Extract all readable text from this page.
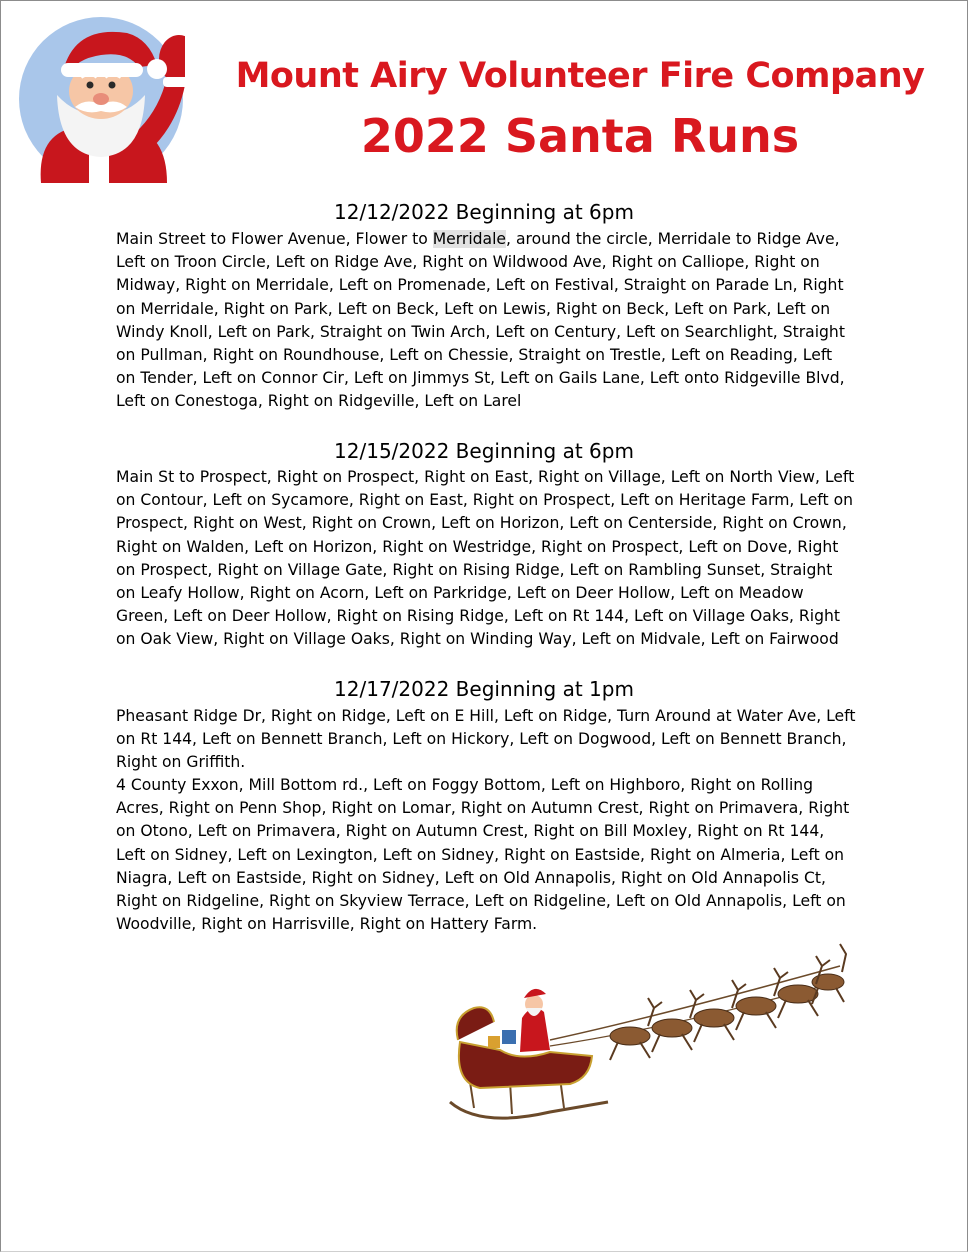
Mount Airy Volunteer Fire Company
2022 Santa Runs
12/12/2022 Beginning at 6pm
Main Street to Flower Avenue, Flower to Merridale, around the circle, Merridale to Ridge Ave, Left on Troon Circle, Left on Ridge Ave, Right on Wildwood Ave, Right on Calliope, Right on Midway, Right on Merridale, Left on Promenade, Left on Festival, Straight on Parade Ln, Right on Merridale, Right on Park, Left on Beck, Left on Lewis, Right on Beck, Left on Park, Left on Windy Knoll, Left on Park, Straight on Twin Arch, Left on Century, Left on Searchlight, Straight on Pullman, Right on Roundhouse, Left on Chessie, Straight on Trestle, Left on Reading, Left on Tender, Left on Connor Cir, Left on Jimmys St, Left on Gails Lane, Left onto Ridgeville Blvd, Left on Conestoga, Right on Ridgeville, Left on Larel
12/15/2022 Beginning at 6pm
Main St to Prospect, Right on Prospect, Right on East, Right on Village, Left on North View, Left on Contour, Left on Sycamore, Right on East, Right on Prospect, Left on Heritage Farm, Left on Prospect, Right on West, Right on Crown, Left on Horizon, Left on Centerside, Right on Crown, Right on Walden, Left on Horizon, Right on Westridge, Right on Prospect, Left on Dove, Right on Prospect, Right on Village Gate, Right on Rising Ridge, Left on Rambling Sunset, Straight on Leafy Hollow, Right on Acorn, Left on Parkridge, Left on Deer Hollow, Left on Meadow Green, Left on Deer Hollow, Right on Rising Ridge, Left on Rt 144, Left on Village Oaks, Right on Oak View, Right on Village Oaks, Right on Winding Way, Left on Midvale, Left on Fairwood
12/17/2022 Beginning at 1pm
Pheasant Ridge Dr, Right on Ridge, Left on E Hill, Left on Ridge, Turn Around at Water Ave, Left on Rt 144, Left on Bennett Branch, Left on Hickory, Left on Dogwood, Left on Bennett Branch, Right on Griffith.
4 County Exxon, Mill Bottom rd., Left on Foggy Bottom, Left on Highboro, Right on Rolling Acres, Right on Penn Shop, Right on Lomar, Right on Autumn Crest, Right on Primavera, Right on Otono, Left on Primavera, Right on Autumn Crest, Right on Bill Moxley, Right on Rt 144, Left on Sidney, Left on Lexington, Left on Sidney, Right on Eastside, Right on Almeria, Left on Niagra, Left on Eastside, Right on Sidney, Left on Old Annapolis, Right on Old Annapolis Ct, Right on Ridgeline, Right on Skyview Terrace, Left on Ridgeline, Left on Old Annapolis, Left on Woodville, Right on Harrisville, Right on Hattery Farm.
